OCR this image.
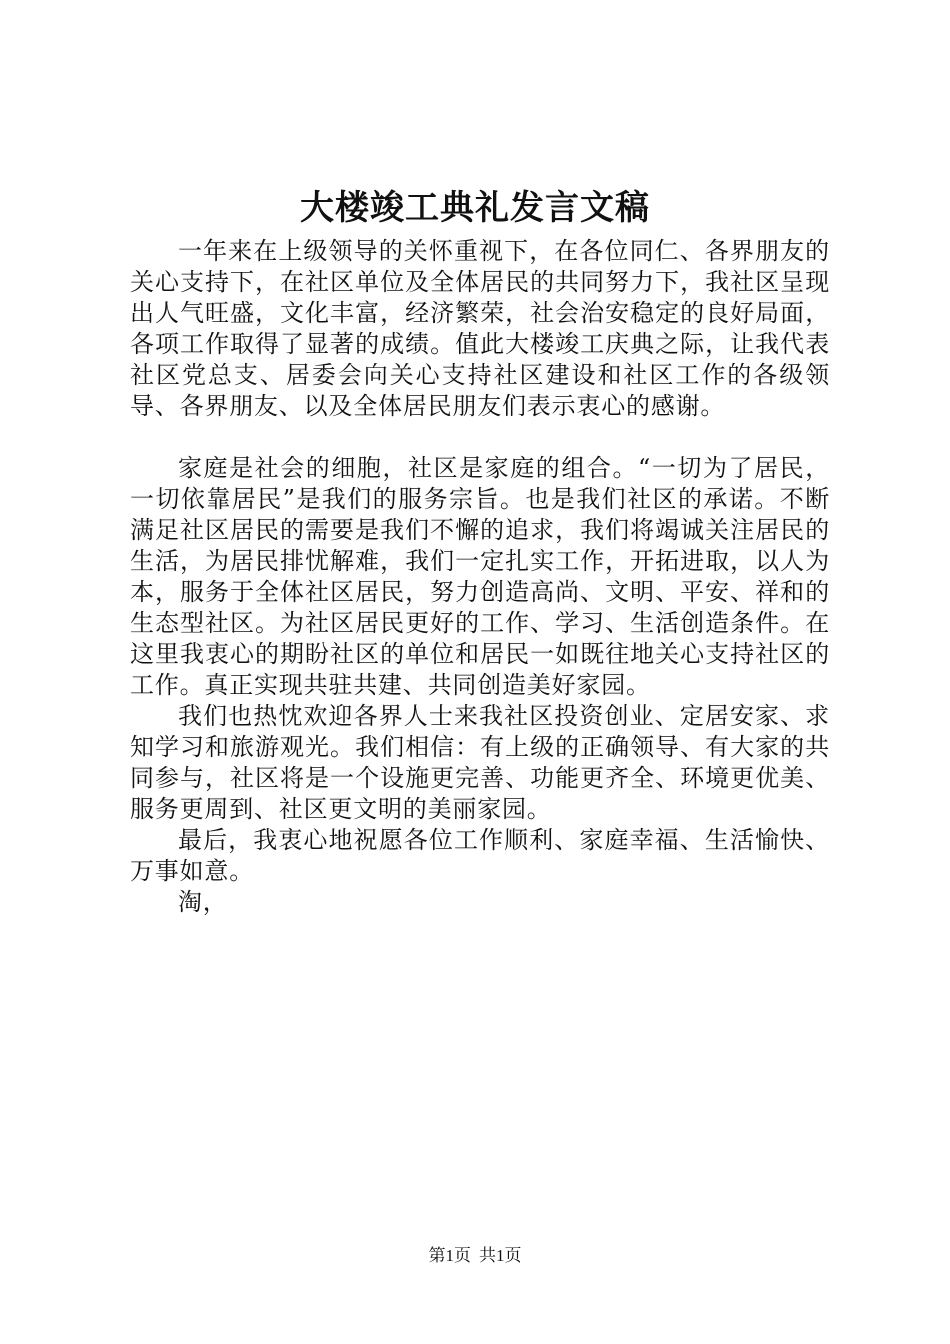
大楼竣工典礼发言文稿

一年来在上级领导的关怀重视下，在各位同仁、各界朋友的关心支持下，在社区单位及全体居民的共同努力下，我社区呈现出人气旺盛，文化丰富，经济繁荣，社会治安稳定的良好局面，各项工作取得了显著的成绩。值此大楼竣工庆典之际，让我代表社区党总支、居委会向关心支持社区建设和社区工作的各级领导、各界朋友、以及全体居民朋友们表示衷心的感谢。

家庭是社会的细胞，社区是家庭的组合。“一切为了居民，一切依靠居民”是我们的服务宗旨。也是我们社区的承诺。不断满足社区居民的需要是我们不懈的追求，我们将竭诚关注居民的生活，为居民排忧解难，我们一定扎实工作，开拓进取，以人为本，服务于全体社区居民，努力创造高尚、文明、平安、祥和的生态型社区。为社区居民更好的工作、学习、生活创造条件。在这里我衷心的期盼社区的单位和居民一如既往地关心支持社区的工作。真正实现共驻共建、共同创造美好家园。

我们也热忱欢迎各界人士来我社区投资创业、定居安家、求知学习和旅游观光。我们相信：有上级的正确领导、有大家的共同参与，社区将是一个设施更完善、功能更齐全、环境更优美、服务更周到、社区更文明的美丽家园。

最后，我衷心地祝愿各位工作顺利、家庭幸福、生活愉快、万事如意。

淘，

第1页 共1页
